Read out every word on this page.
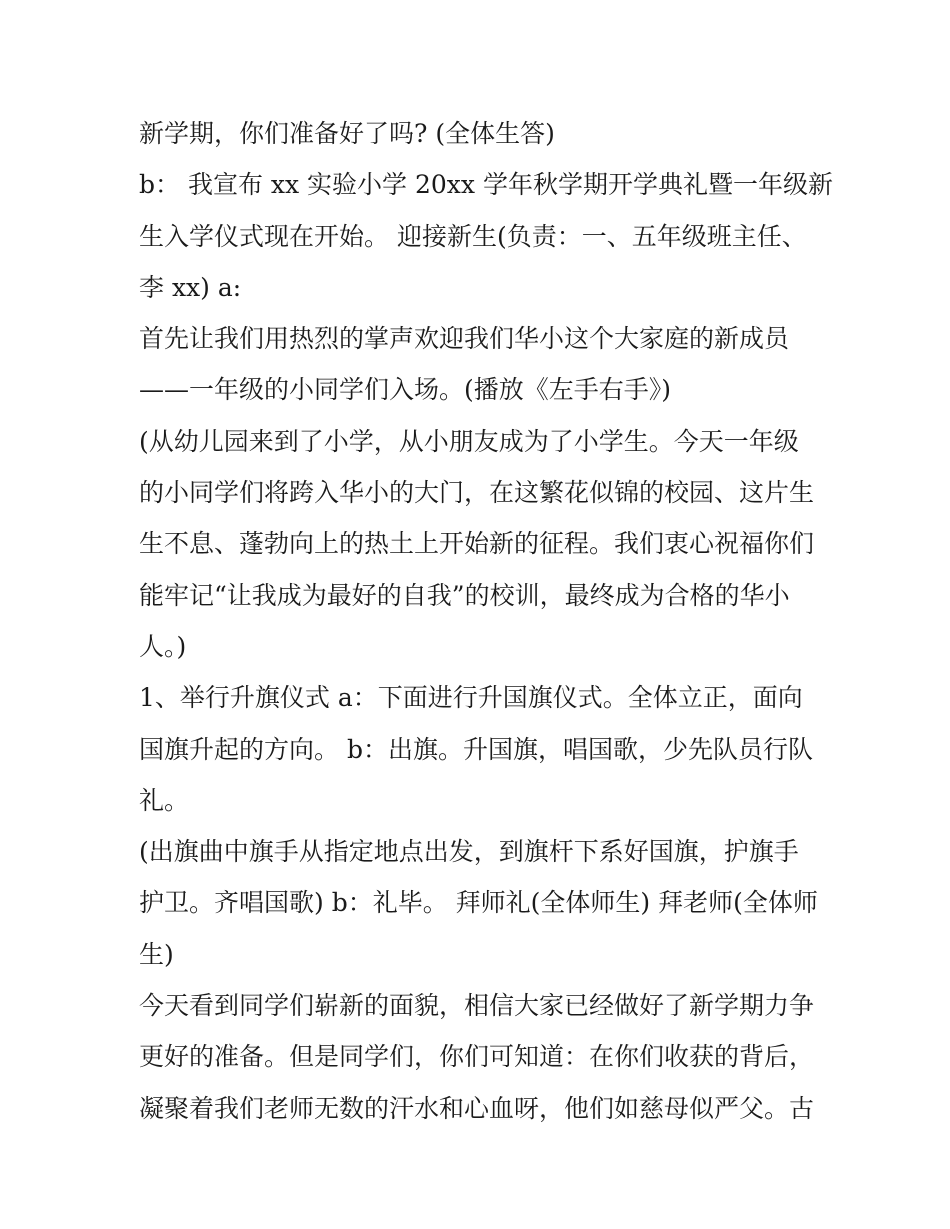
新学期，你们准备好了吗? (全体生答)
b： 我宣布 xx 实验小学 20xx 学年秋学期开学典礼暨一年级新
生入学仪式现在开始。 迎接新生(负责：一、五年级班主任、
李 xx) a:
首先让我们用热烈的掌声欢迎我们华小这个大家庭的新成员
——一年级的小同学们入场。(播放《左手右手》)
(从幼儿园来到了小学，从小朋友成为了小学生。今天一年级
的小同学们将跨入华小的大门，在这繁花似锦的校园、这片生
生不息、蓬勃向上的热土上开始新的征程。我们衷心祝福你们
能牢记“让我成为最好的自我”的校训，最终成为合格的华小
人。)
1、举行升旗仪式 a：下面进行升国旗仪式。全体立正，面向
国旗升起的方向。 b：出旗。升国旗，唱国歌，少先队员行队
礼。
(出旗曲中旗手从指定地点出发，到旗杆下系好国旗，护旗手
护卫。齐唱国歌) b：礼毕。 拜师礼(全体师生) 拜老师(全体师
生)
今天看到同学们崭新的面貌，相信大家已经做好了新学期力争
更好的准备。但是同学们，你们可知道：在你们收获的背后，
凝聚着我们老师无数的汗水和心血呀，他们如慈母似严父。古
